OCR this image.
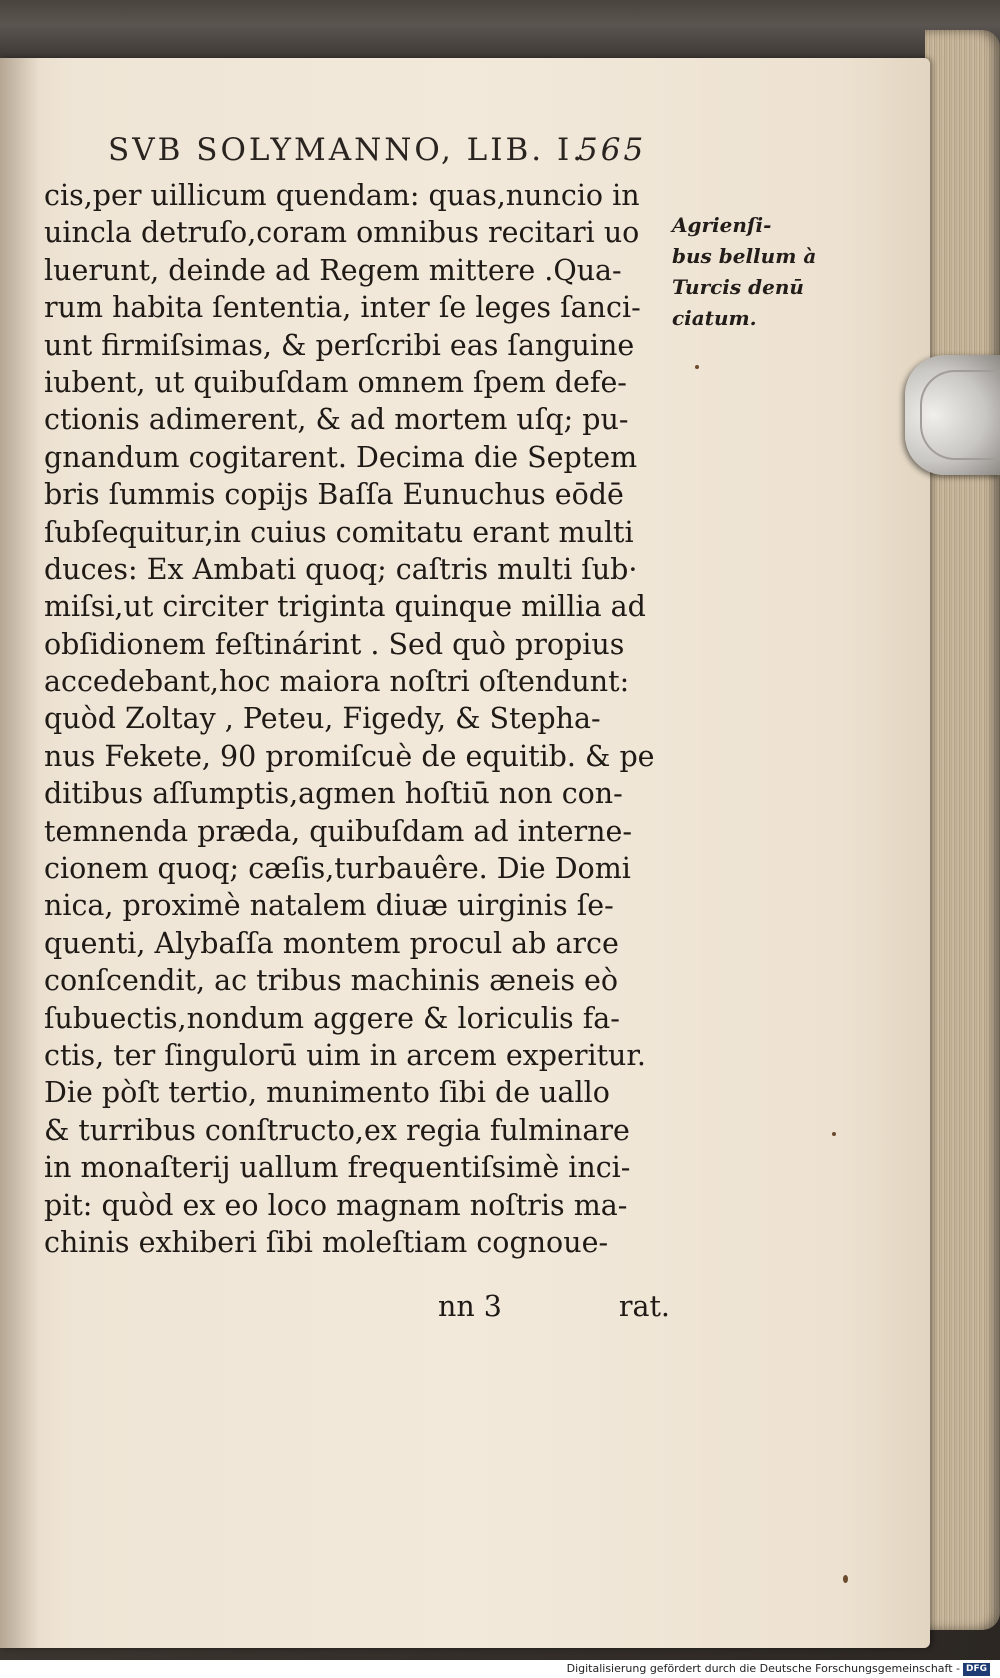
SVB SOLYMANNO, LIB. I.
565
cis,per uillicum quendam: quas,nuncio in
uincla detruſo,coram omnibus recitari uo
luerunt, deinde ad Regem mittere .Qua-
rum habita ſententia, inter ſe leges ſanci-
unt firmiſsimas, & perſcribi eas ſanguine
iubent, ut quibuſdam omnem ſpem defe-
ctionis adimerent, & ad mortem uſq; pu-
gnandum cogitarent. Decima die Septem
bris ſummis copijs Baſſa Eunuchus eōdē
ſubſequitur,in cuius comitatu erant multi
duces: Ex Ambati quoq; caſtris multi ſub·
miſsi,ut circiter triginta quinque millia ad
obſidionem feſtinárint . Sed quò propius
accedebant,hoc maiora noſtri oſtendunt:
quòd Zoltay , Peteu, Figedy, & Stepha-
nus Fekete, 90 promiſcuè de equitib. & pe
ditibus aſſumptis,agmen hoſtiū non con-
temnenda præda, quibuſdam ad interne-
cionem quoq; cæſis,turbauêre. Die Domi
nica, proximè natalem diuæ uirginis ſe-
quenti, Alybaſſa montem procul ab arce
conſcendit, ac tribus machinis æneis eò
ſubuectis,nondum aggere & loriculis fa-
ctis, ter ſingulorū uim in arcem experitur.
Die pòſt tertio, munimento ſibi de uallo
& turribus conſtructo,ex regia fulminare
in monaſterij uallum frequentiſsimè inci-
pit: quòd ex eo loco magnam noſtris ma-
chinis exhiberi ſibi moleſtiam cognoue-
nn 3	rat.
Agrienſi-
bus bellum à
Turcis denū
ciatum.
Digitalisierung gefördert durch die Deutsche Forschungsgemeinschaft - DFG
